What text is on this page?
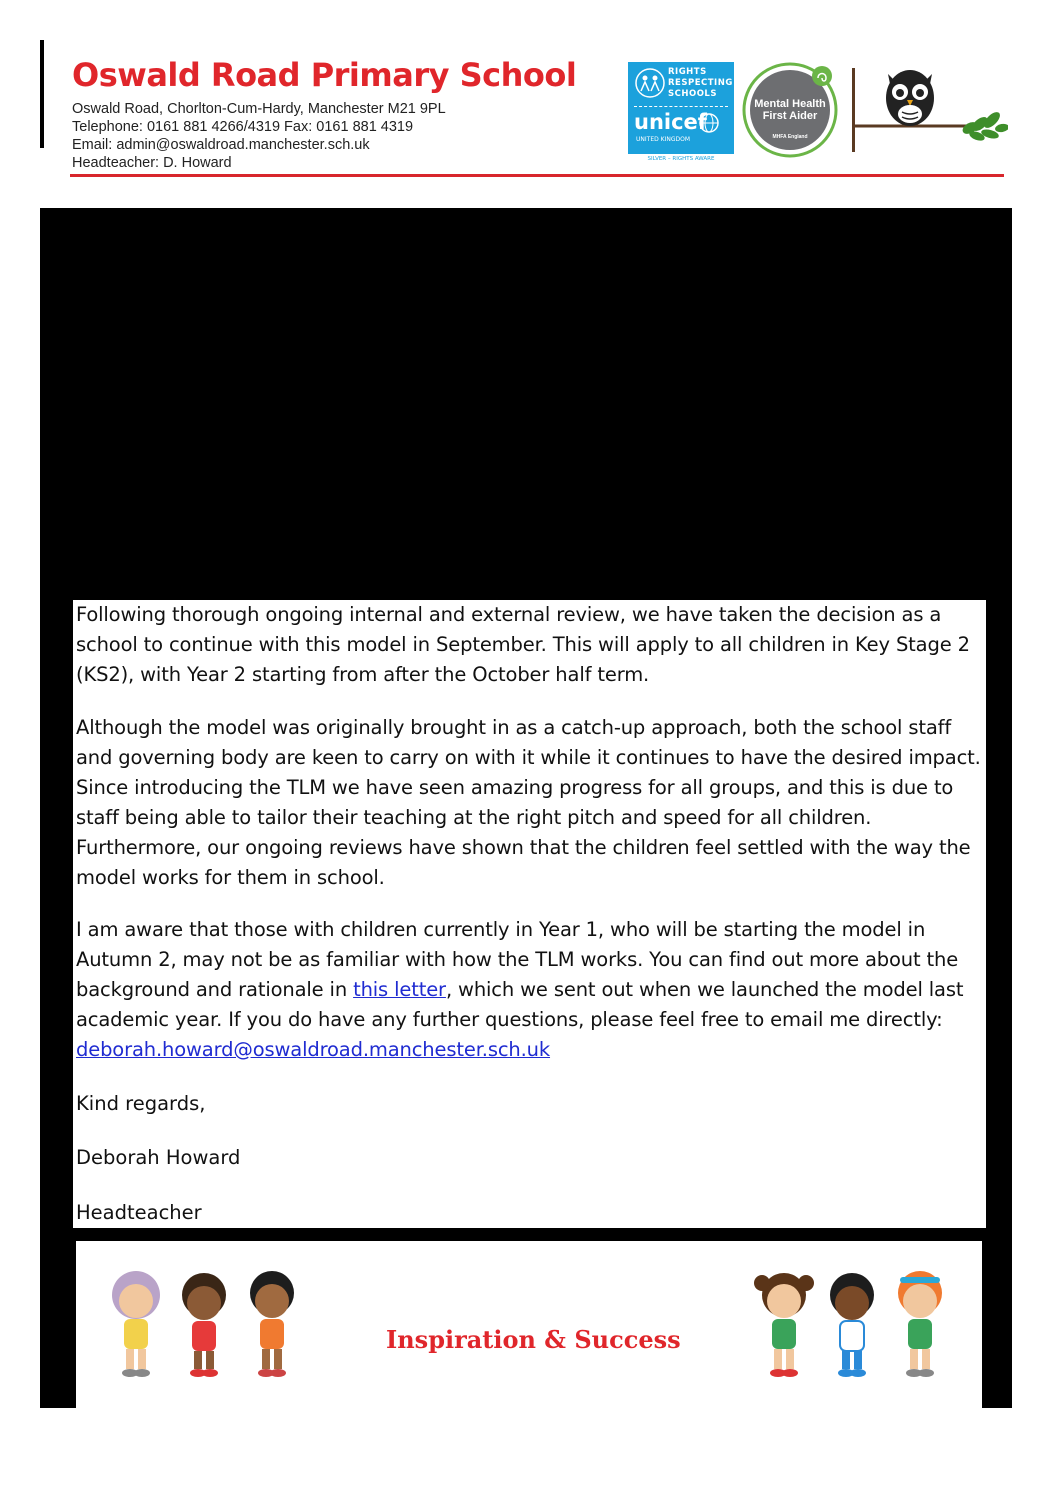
Oswald Road Primary School
Oswald Road, Chorlton-Cum-Hardy, Manchester M21 9PL
Telephone: 0161 881 4266/4319 Fax: 0161 881 4319
Email: admin@oswaldroad.manchester.sch.uk
Headteacher: D. Howard
RIGHTS
RESPECTING
SCHOOLS
unicef
UNITED KINGDOM
SILVER – RIGHTS AWARE
Mental Health
First Aider
MHFA England

Following thorough ongoing internal and external review, we have taken the decision as a school to continue with this model in September. This will apply to all children in Key Stage 2 (KS2), with Year 2 starting from after the October half term.

Although the model was originally brought in as a catch-up approach, both the school staff and governing body are keen to carry on with it while it continues to have the desired impact. Since introducing the TLM we have seen amazing progress for all groups, and this is due to staff being able to tailor their teaching at the right pitch and speed for all children. Furthermore, our ongoing reviews have shown that the children feel settled with the way the model works for them in school.

I am aware that those with children currently in Year 1, who will be starting the model in Autumn 2, may not be as familiar with how the TLM works. You can find out more about the background and rationale in this letter, which we sent out when we launched the model last academic year. If you do have any further questions, please feel free to email me directly: deborah.howard@oswaldroad.manchester.sch.uk

Kind regards,

Deborah Howard

Headteacher

Inspiration & Success
